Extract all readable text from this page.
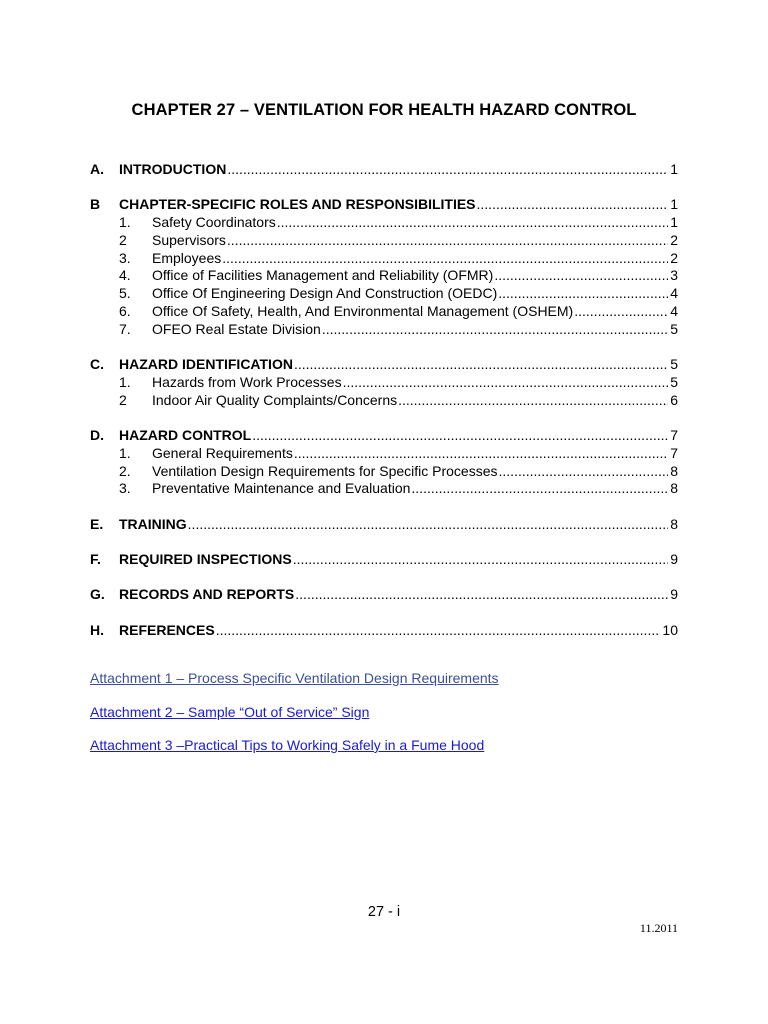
CHAPTER 27 – VENTILATION FOR HEALTH HAZARD CONTROL
A. INTRODUCTION .....	1
B CHAPTER-SPECIFIC ROLES AND RESPONSIBILITIES .....	1
1. Safety Coordinators .....	1
2 Supervisors .....	2
3. Employees .....	2
4. Office of Facilities Management and Reliability (OFMR) .....	3
5. Office Of Engineering Design And Construction (OEDC) .....	4
6. Office Of Safety, Health, And Environmental Management (OSHEM) .....	4
7. OFEO Real Estate Division .....	5
C. HAZARD IDENTIFICATION .....	5
1. Hazards from Work Processes .....	5
2 Indoor Air Quality Complaints/Concerns .....	6
D. HAZARD CONTROL .....	7
1. General Requirements .....	7
2. Ventilation Design Requirements for Specific Processes .....	8
3. Preventative Maintenance and Evaluation .....	8
E. TRAINING .....	8
F. REQUIRED INSPECTIONS .....	9
G. RECORDS AND REPORTS .....	9
H. REFERENCES .....	10
Attachment 1 – Process Specific Ventilation Design Requirements
Attachment 2 – Sample “Out of Service” Sign
Attachment 3 –Practical Tips to Working Safely in a Fume Hood
27 - i
11.2011
